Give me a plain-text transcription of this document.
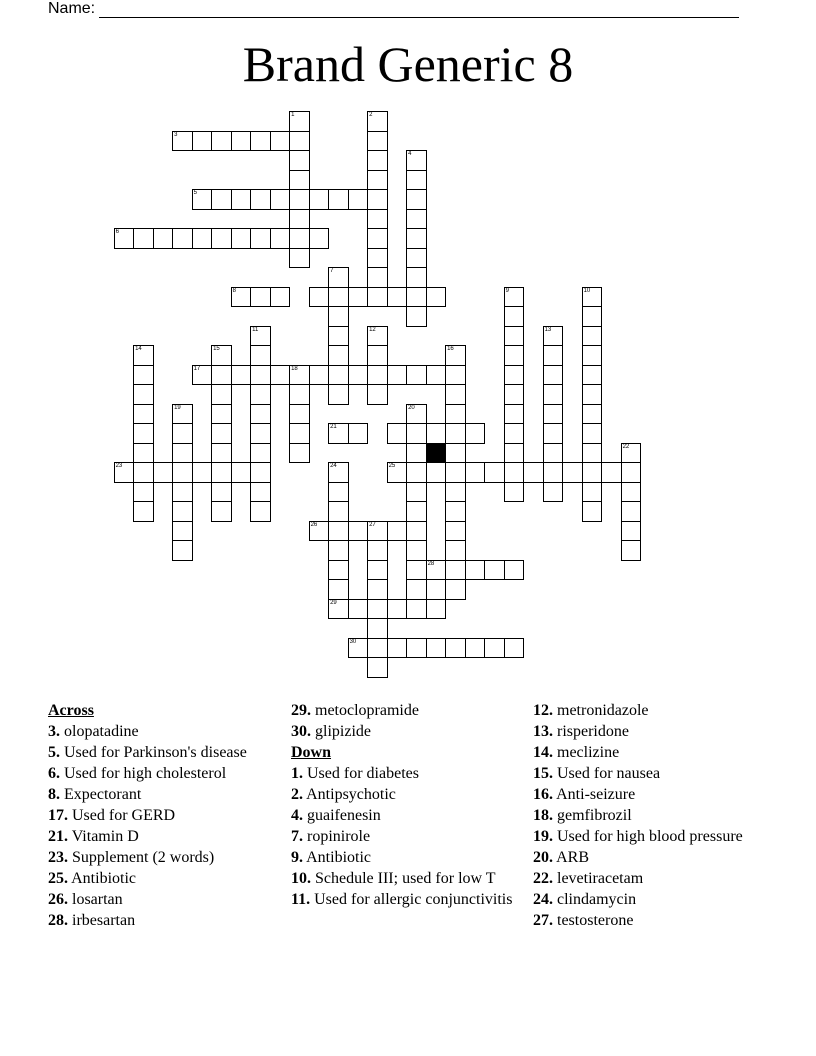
Name:
Brand Generic 8
1	2
3
4
5
6
7
8	9	10
11	12	13
14	15	16
17	18
19	20
21
22
23	24	25
26	27
28
29
30
Across
3. olopatadine
5. Used for Parkinson's disease
6. Used for high cholesterol
8. Expectorant
17. Used for GERD
21. Vitamin D
23. Supplement (2 words)
25. Antibiotic
26. losartan
28. irbesartan
29. metoclopramide
30. glipizide
Down
1. Used for diabetes
2. Antipsychotic
4. guaifenesin
7. ropinirole
9. Antibiotic
10. Schedule III; used for low T
11. Used for allergic conjunctivitis
12. metronidazole
13. risperidone
14. meclizine
15. Used for nausea
16. Anti-seizure
18. gemfibrozil
19. Used for high blood pressure
20. ARB
22. levetiracetam
24. clindamycin
27. testosterone
